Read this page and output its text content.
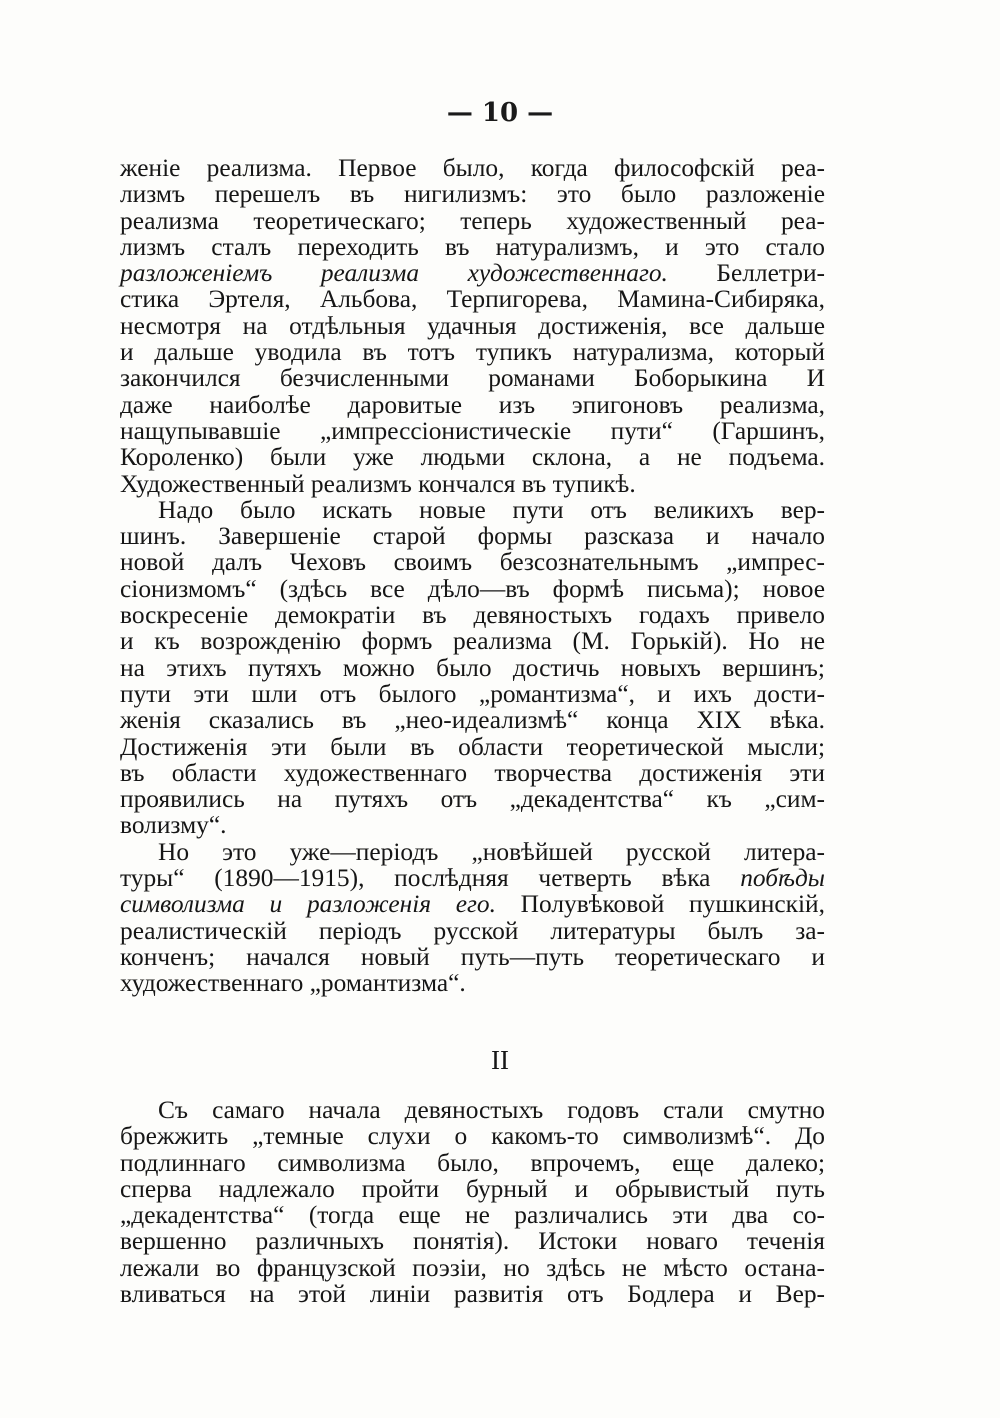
— 10 —
женіе реализма. Первое было, когда философскій реа-
лизмъ перешелъ въ нигилизмъ: это было разложеніе
реализма теоретическаго; теперь художественный реа-
лизмъ сталъ переходить въ натурализмъ, и это стало
разложеніемъ реализма художественнаго. Беллетри-
стика Эртеля, Альбова, Терпигорева, Мамина-Сибиряка,
несмотря на отдѣльныя удачныя достиженія, все дальше
и дальше уводила въ тотъ тупикъ натурализма, который
закончился безчисленными романами Боборыкина И
даже наиболѣе даровитые изъ эпигоновъ реализма,
нащупывавшіе „импрессіонистическіе пути“ (Гаршинъ,
Короленко) были уже людьми склона, а не подъема.
Художественный реализмъ кончался въ тупикѣ.
Надо было искать новые пути отъ великихъ вер-
шинъ. Завершеніе старой формы разсказа и начало
новой далъ Чеховъ своимъ безсознательнымъ „импрес-
сіонизмомъ“ (здѣсь все дѣло—въ формѣ письма); новое
воскресеніе демократіи въ девяностыхъ годахъ привело
и къ возрожденію формъ реализма (М. Горькій). Но не
на этихъ путяхъ можно было достичь новыхъ вершинъ;
пути эти шли отъ былого „романтизма“, и ихъ дости-
женія сказались въ „нео-идеализмѣ“ конца XIX вѣка.
Достиженія эти были въ области теоретической мысли;
въ области художественнаго творчества достиженія эти
проявились на путяхъ отъ „декадентства“ къ „сим-
волизму“.
Но это уже—періодъ „новѣйшей русской литера-
туры“ (1890—1915), послѣдняя четверть вѣка побѣды
символизма и разложенія его. Полувѣковой пушкинскій,
реалистическій періодъ русской литературы былъ за-
конченъ; начался новый путь—путь теоретическаго и
художественнаго „романтизма“.
II
Съ самаго начала девяностыхъ годовъ стали смутно
брежжить „темные слухи о какомъ-то символизмѣ“. До
подлиннаго символизма было, впрочемъ, еще далеко;
сперва надлежало пройти бурный и обрывистый путь
„декадентства“ (тогда еще не различались эти два со-
вершенно различныхъ понятія). Истоки новаго теченія
лежали во французской поэзіи, но здѣсь не мѣсто остана-
вливаться на этой линіи развитія отъ Бодлера и Вер-
